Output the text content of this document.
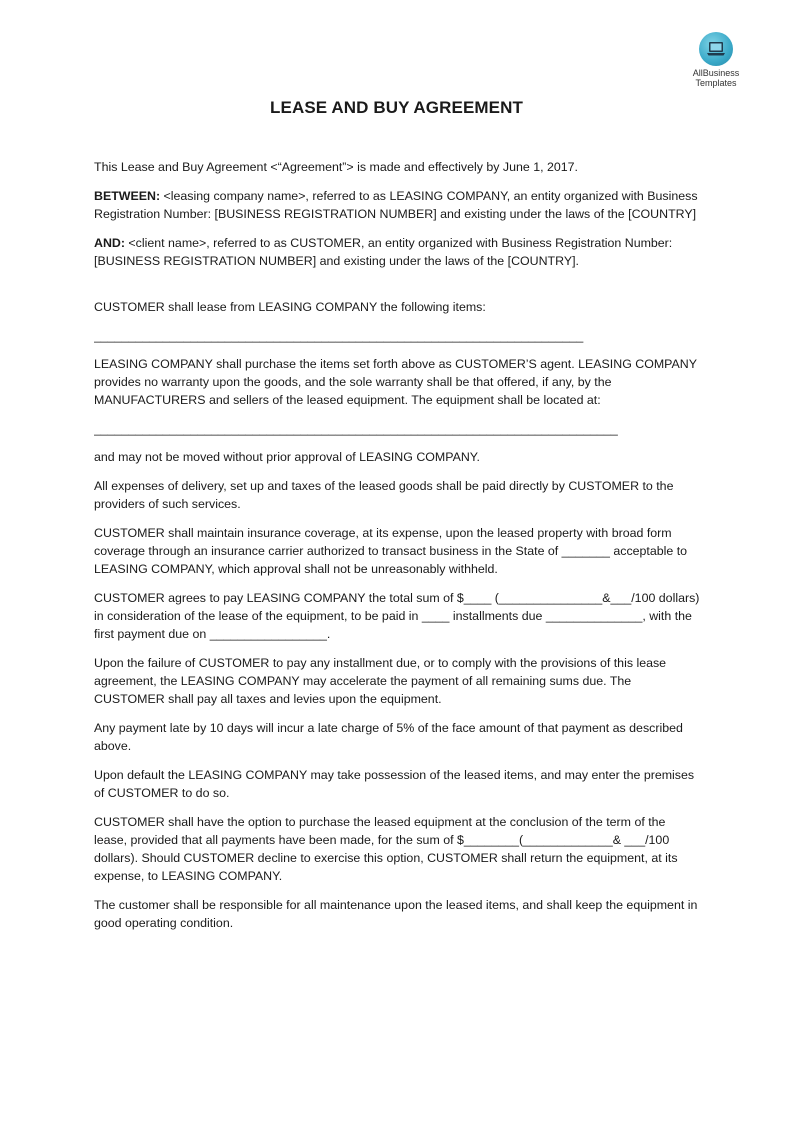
AllBusiness
Templates
LEASE AND BUY AGREEMENT

This Lease and Buy Agreement <“Agreement”> is made and effectively by June 1, 2017.

BETWEEN: <leasing company name>, referred to as LEASING COMPANY, an entity organized with Business Registration Number: [BUSINESS REGISTRATION NUMBER] and existing under the laws of the [COUNTRY]

AND: <client name>, referred to as CUSTOMER, an entity organized with Business Registration Number: [BUSINESS REGISTRATION NUMBER] and existing under the laws of the [COUNTRY].

CUSTOMER shall lease from LEASING COMPANY the following items:

_______________________________________________________________________

LEASING COMPANY shall purchase the items set forth above as CUSTOMER’S agent. LEASING COMPANY provides no warranty upon the goods, and the sole warranty shall be that offered, if any, by the MANUFACTURERS and sellers of the leased equipment. The equipment shall be located at:

____________________________________________________________________________

and may not be moved without prior approval of LEASING COMPANY.

All expenses of delivery, set up and taxes of the leased goods shall be paid directly by CUSTOMER to the providers of such services.

CUSTOMER shall maintain insurance coverage, at its expense, upon the leased property with broad form coverage through an insurance carrier authorized to transact business in the State of _______ acceptable to LEASING COMPANY, which approval shall not be unreasonably withheld.

CUSTOMER agrees to pay LEASING COMPANY the total sum of $____ (_______________&___/100 dollars) in consideration of the lease of the equipment, to be paid in ____ installments due ______________, with the first payment due on _________________.

Upon the failure of CUSTOMER to pay any installment due, or to comply with the provisions of this lease agreement, the LEASING COMPANY may accelerate the payment of all remaining sums due. The CUSTOMER shall pay all taxes and levies upon the equipment.

Any payment late by 10 days will incur a late charge of 5% of the face amount of that payment as described above.

Upon default the LEASING COMPANY may take possession of the leased items, and may enter the premises of CUSTOMER to do so.

CUSTOMER shall have the option to purchase the leased equipment at the conclusion of the term of the lease, provided that all payments have been made, for the sum of $________(_____________& ___/100 dollars). Should CUSTOMER decline to exercise this option, CUSTOMER shall return the equipment, at its expense, to LEASING COMPANY.

The customer shall be responsible for all maintenance upon the leased items, and shall keep the equipment in good operating condition.
